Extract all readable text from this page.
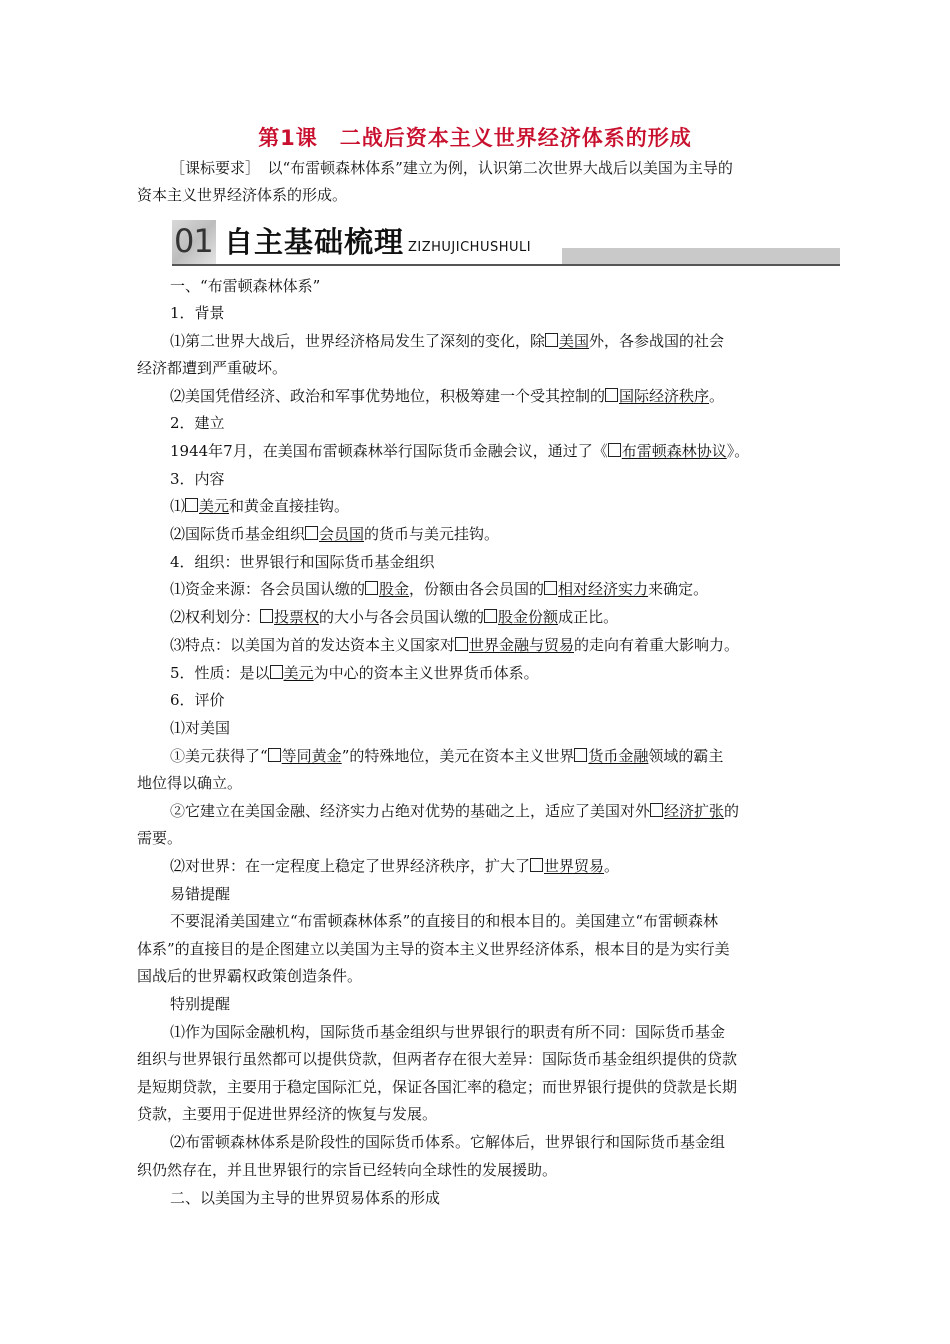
第1课　二战后资本主义世界经济体系的形成
［课标要求］　以“布雷顿森林体系”建立为例，认识第二次世界大战后以美国为主导的
资本主义世界经济体系的形成。
01 自主基础梳理 ZIZHUJICHUSHULI
一、“布雷顿森林体系”
1．背景
⑴第二世界大战后，世界经济格局发生了深刻的变化，除 美国外，各参战国的社会
经济都遭到严重破坏。
⑵美国凭借经济、政治和军事优势地位，积极筹建一个受其控制的 国际经济秩序。
2．建立
1944年7月，在美国布雷顿森林举行国际货币金融会议，通过了《 布雷顿森林协议》。
3．内容
⑴ 美元和黄金直接挂钩。
⑵国际货币基金组织 会员国的货币与美元挂钩。
4．组织：世界银行和国际货币基金组织
⑴资金来源：各会员国认缴的 股金，份额由各会员国的 相对经济实力来确定。
⑵权利划分： 投票权的大小与各会员国认缴的 股金份额成正比。
⑶特点：以美国为首的发达资本主义国家对 世界金融与贸易的走向有着重大影响力。
5．性质：是以 美元为中心的资本主义世界货币体系。
6．评价
⑴对美国
①美元获得了“ 等同黄金”的特殊地位，美元在资本主义世界 货币金融领域的霸主
地位得以确立。
②它建立在美国金融、经济实力占绝对优势的基础之上，适应了美国对外 经济扩张的
需要。
⑵对世界：在一定程度上稳定了世界经济秩序，扩大了 世界贸易。
易错提醒
不要混淆美国建立“布雷顿森林体系”的直接目的和根本目的。美国建立“布雷顿森林
体系”的直接目的是企图建立以美国为主导的资本主义世界经济体系，根本目的是为实行美
国战后的世界霸权政策创造条件。
特别提醒
⑴作为国际金融机构，国际货币基金组织与世界银行的职责有所不同：国际货币基金
组织与世界银行虽然都可以提供贷款，但两者存在很大差异：国际货币基金组织提供的贷款
是短期贷款，主要用于稳定国际汇兑，保证各国汇率的稳定；而世界银行提供的贷款是长期
贷款，主要用于促进世界经济的恢复与发展。
⑵布雷顿森林体系是阶段性的国际货币体系。它解体后，世界银行和国际货币基金组
织仍然存在，并且世界银行的宗旨已经转向全球性的发展援助。
二、以美国为主导的世界贸易体系的形成
